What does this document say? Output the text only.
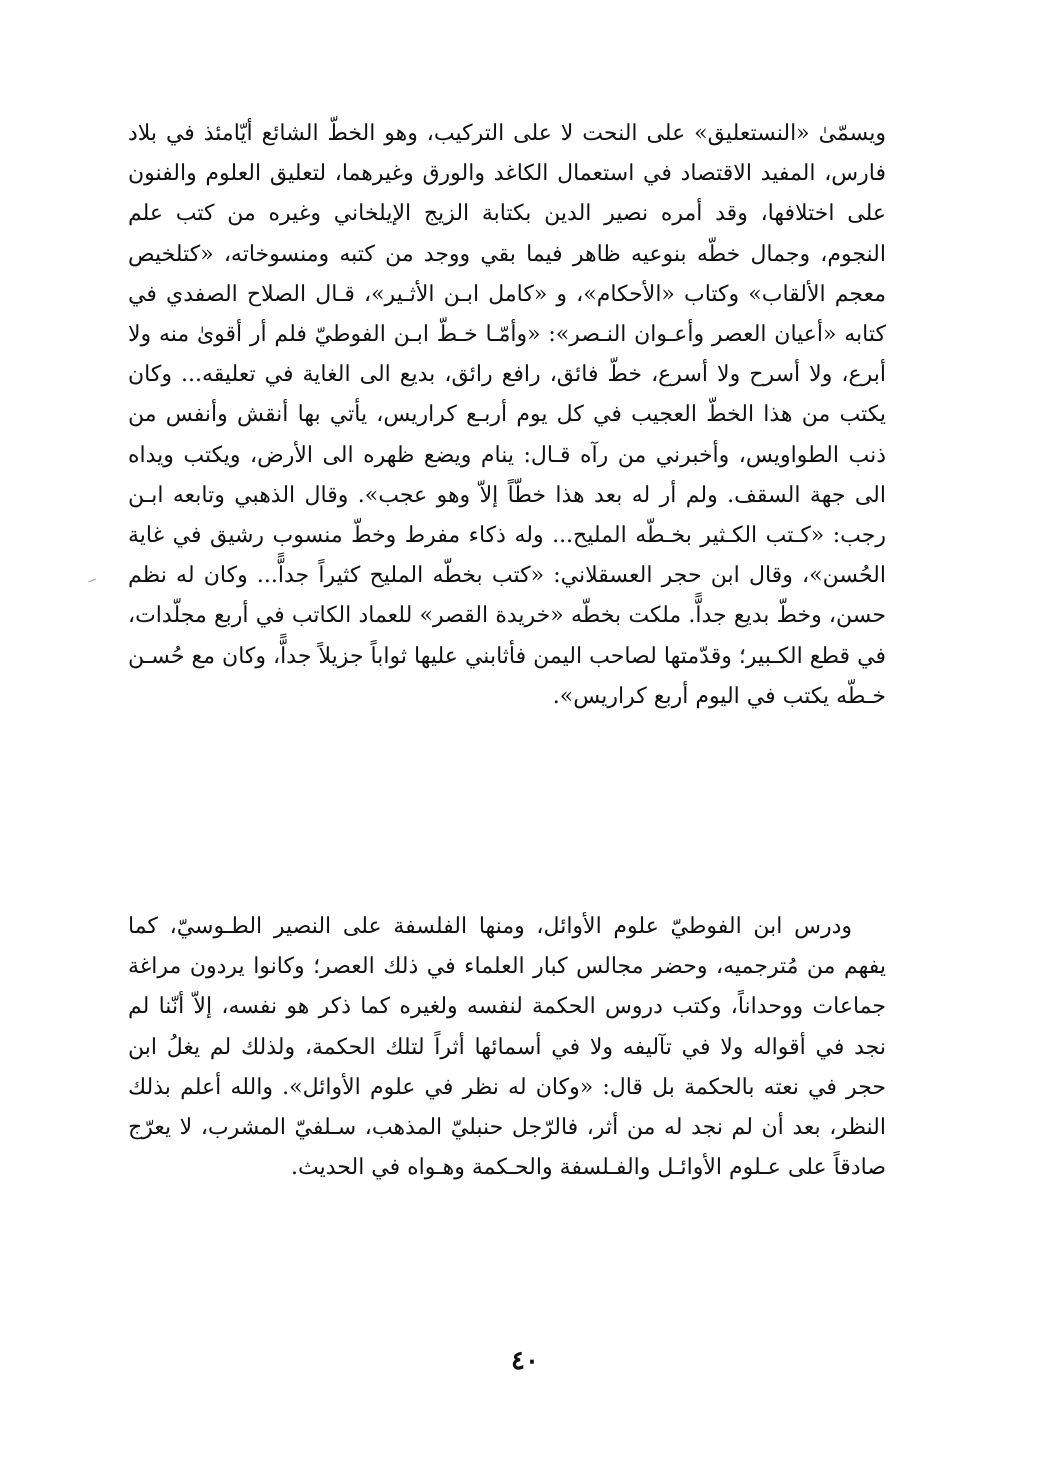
ويسمّىٰ «النستعليق» على النحت لا على التركيب، وهو الخطّ الشائع أيّامئذ في بلاد فارس، المفيد الاقتصاد في استعمال الكاغد والورق وغيرهما، لتعليق العلوم والفنون على اختلافها، وقد أمره نصير الدين بكتابة الزيج الإيلخاني وغيره من كتب علم النجوم، وجمال خطّه بنوعيه ظاهر فيما بقي ووجد من كتبه ومنسوخاته، «كتلخيص معجم الألقاب» وكتاب «الأحكام»، و «كامل ابـن الأثـير»، قـال الصلاح الصفدي في كتابه «أعيان العصر وأعـوان النـصر»: «وأمّـا خـطّ ابـن الفوطيّ فلم أر أقوىٰ منه ولا أبرع، ولا أسرح ولا أسرع، خطّ فائق، رافع رائق، بديع الى الغاية في تعليقه... وكان يكتب من هذا الخطّ العجيب في كل يوم أربـع كراريس، يأتي بها أنقش وأنفس من ذنب الطواويس، وأخبرني من رآه قـال: ينام ويضع ظهره الى الأرض، ويكتب ويداه الى جهة السقف. ولم أر له بعد هذا خطّاً إلاّ وهو عجب». وقال الذهبي وتابعه ابـن رجب: «كـتب الكـثير بخـطّه المليح... وله ذكاء مفرط وخطّ منسوب رشيق في غاية الحُسن»، وقال ابن حجر العسقلاني: «كتب بخطّه المليح كثيراً جداًّ... وكان له نظم حسن، وخطّ بديع جداًّ. ملكت بخطّه «خريدة القصر» للعماد الكاتب في أربع مجلّدات، في قطع الكـبير؛ وقدّمتها لصاحب اليمن فأثابني عليها ثواباً جزيلاً جداًّ، وكان مع حُسـن خـطّه يكتب في اليوم أربع كراريس».
ودرس ابن الفوطيّ علوم الأوائل، ومنها الفلسفة على النصير الطـوسيّ، كما يفهم من مُترجميه، وحضر مجالس كبار العلماء في ذلك العصر؛ وكانوا يردون مراغة جماعات ووحداناً، وكتب دروس الحكمة لنفسه ولغيره كما ذكر هو نفسه، إلاّ أنّنا لم نجد في أقواله ولا في تآليفه ولا في أسمائها أثراً لتلك الحكمة، ولذلك لم يغلُ ابن حجر في نعته بالحكمة بل قال: «وكان له نظر في علوم الأوائل». والله أعلم بذلك النظر، بعد أن لم نجد له من أثر، فالرّجل حنبليّ المذهب، سـلفيّ المشرب، لا يعرّج صادقاً على عـلوم الأوائـل والفـلسفة والحـكمة وهـواه في الحديث.
٤٠
